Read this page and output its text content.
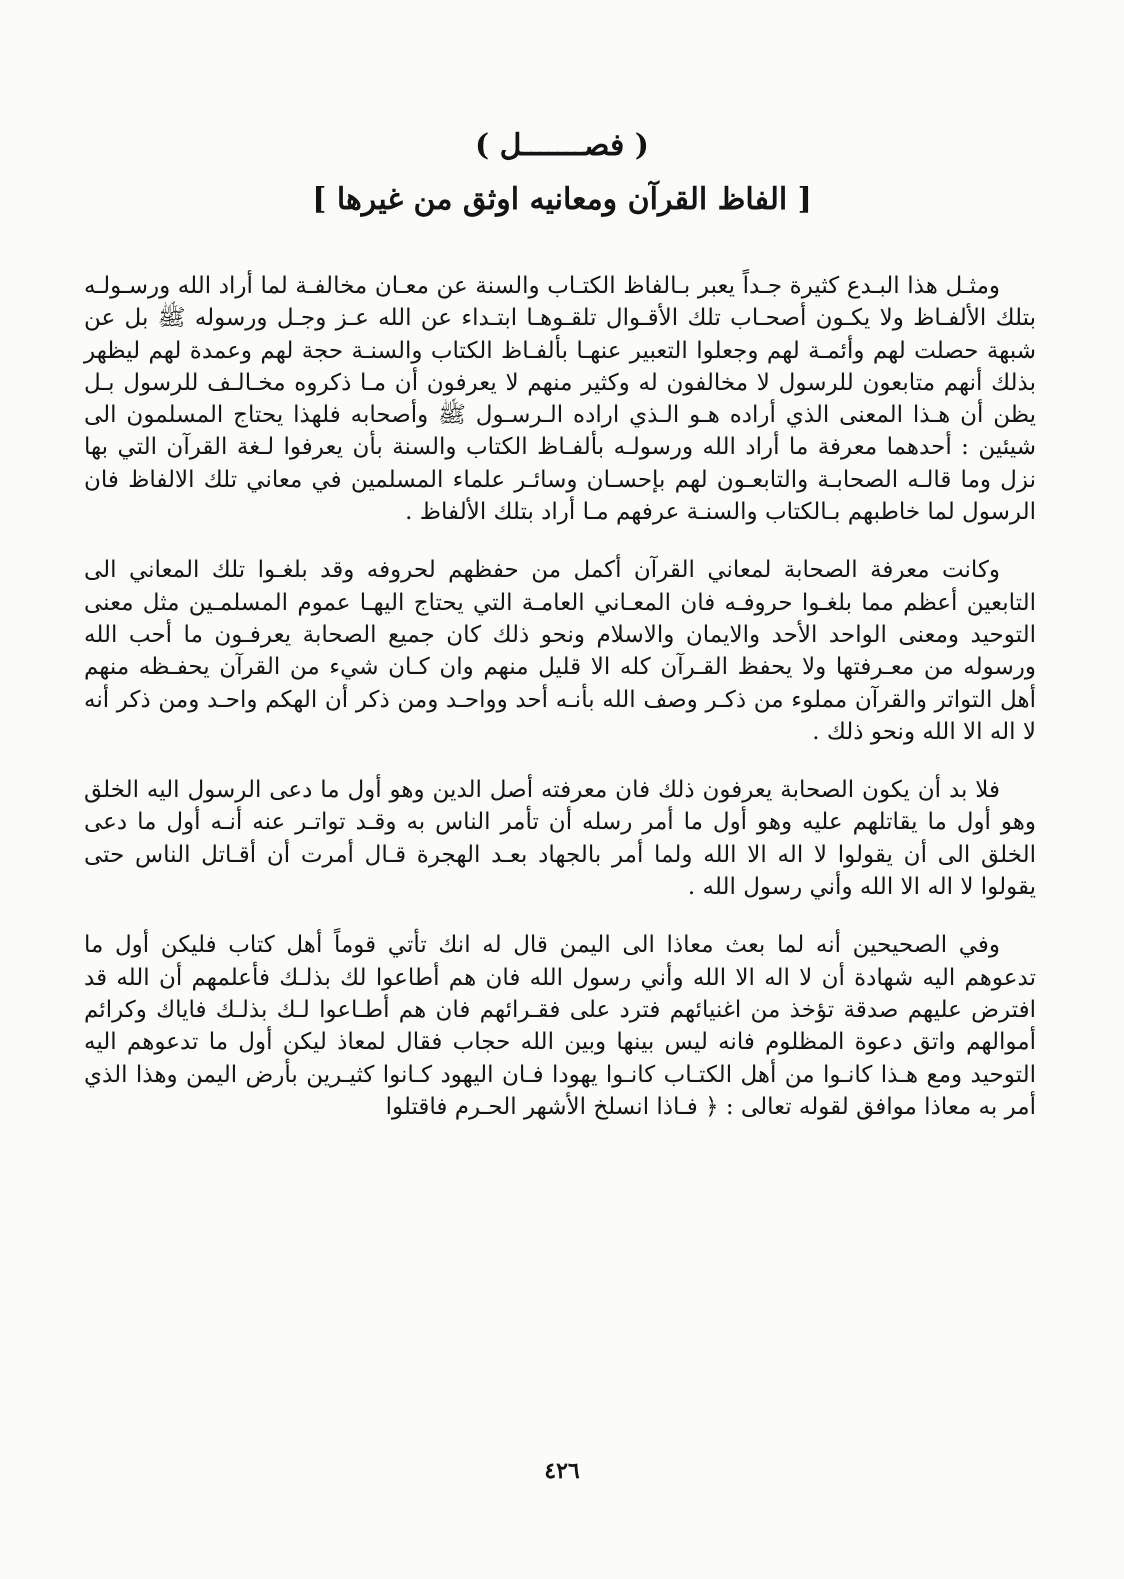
( فصـــــــل )
[ الفاظ القرآن ومعانيه اوثق من غيرها ]

ومثـل هذا البـدع كثيرة جـداً يعبر بـالفاظ الكتـاب والسنة عن معـان مخالفـة لما أراد الله ورسـولـه بتلك الألفـاظ ولا يكـون أصحـاب تلك الأقـوال تلقـوهـا ابتـداء عن الله عـز وجـل ورسوله ﷺ بل عن شبهة حصلت لهم وأئمـة لهم وجعلوا التعبير عنهـا بألفـاظ الكتاب والسنـة حجة لهم وعمدة لهم ليظهر بذلك أنهم متابعون للرسول لا مخالفون له وكثير منهم لا يعرفون أن مـا ذكروه مخـالـف للرسول بـل يظن أن هـذا المعنى الذي أراده هـو الـذي اراده الـرسـول ﷺ وأصحابه فلهذا يحتاج المسلمون الى شيئين : أحدهما معرفة ما أراد الله ورسولـه بألفـاظ الكتاب والسنة بأن يعرفوا لـغة القرآن التي بها نزل وما قالـه الصحابـة والتابعـون لهم بإحسـان وسائـر علماء المسلمين في معاني تلك الالفاظ فان الرسول لما خاطبهم بـالكتاب والسنـة عرفهم مـا أراد بتلك الألفاظ .

وكانت معرفة الصحابة لمعاني القرآن أكمل من حفظهم لحروفه وقد بلغـوا تلك المعاني الى التابعين أعظم مما بلغـوا حروفـه فان المعـاني العامـة التي يحتاج اليهـا عموم المسلمـين مثل معنى التوحيد ومعنى الواحد الأحد والايمان والاسلام ونحو ذلك كان جميع الصحابة يعرفـون ما أحب الله ورسوله من معـرفتها ولا يحفظ القـرآن كله الا قليل منهم وان كـان شيء من القرآن يحفـظه منهم أهل التواتر والقرآن مملوء من ذكـر وصف الله بأنـه أحد وواحـد ومن ذكر أن الهكم واحـد ومن ذكر أنه لا اله الا الله ونحو ذلك .

فلا بد أن يكون الصحابة يعرفون ذلك فان معرفته أصل الدين وهو أول ما دعى الرسول اليه الخلق وهو أول ما يقاتلهم عليه وهو أول ما أمر رسله أن تأمر الناس به وقـد تواتـر عنه أنـه أول ما دعى الخلق الى أن يقولوا لا اله الا الله ولما أمر بالجهاد بعـد الهجرة قـال أمرت أن أقـاتل الناس حتى يقولوا لا اله الا الله وأني رسول الله .

وفي الصحيحين أنه لما بعث معاذا الى اليمن قال له انك تأتي قوماً أهل كتاب فليكن أول ما تدعوهم اليه شهادة أن لا اله الا الله وأني رسول الله فان هم أطاعوا لك بذلـك فأعلمهم أن الله قد افترض عليهم صدقة تؤخذ من اغنيائهم فترد على فقـرائهم فان هم أطـاعوا لـك بذلـك فاياك وكرائم أموالهم واتق دعوة المظلوم فانه ليس بينها وبين الله حجاب فقال لمعاذ ليكن أول ما تدعوهم اليه التوحيد ومع هـذا كانـوا من أهل الكتـاب كانـوا يهودا فـان اليهود كـانوا كثيـرين بأرض اليمن وهذا الذي أمر به معاذا موافق لقوله تعالى : ﴿ فـاذا انسلخ الأشهر الحـرم فاقتلوا

٤٢٦
